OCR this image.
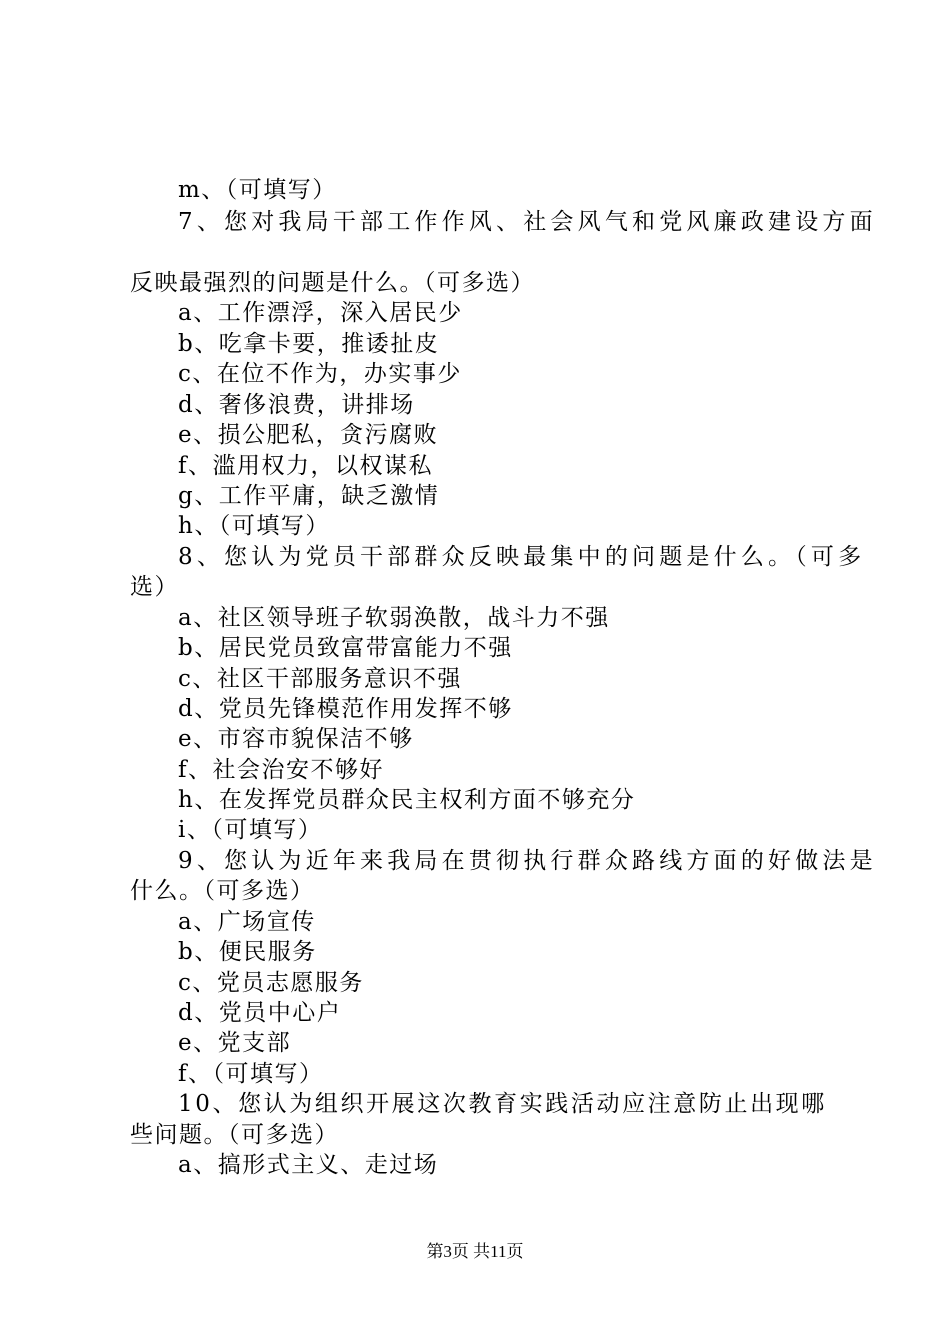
m、（可填写）
7、您对我局干部工作作风、社会风气和党风廉政建设方面
反映最强烈的问题是什么。（可多选）
a、工作漂浮，深入居民少
b、吃拿卡要，推诿扯皮
c、在位不作为，办实事少
d、奢侈浪费，讲排场
e、损公肥私，贪污腐败
f、滥用权力，以权谋私
g、工作平庸，缺乏激情
h、（可填写）
8、您认为党员干部群众反映最集中的问题是什么。（可多
选）
a、社区领导班子软弱涣散，战斗力不强
b、居民党员致富带富能力不强
c、社区干部服务意识不强
d、党员先锋模范作用发挥不够
e、市容市貌保洁不够
f、社会治安不够好
h、在发挥党员群众民主权利方面不够充分
i、（可填写）
9、您认为近年来我局在贯彻执行群众路线方面的好做法是
什么。（可多选）
a、广场宣传
b、便民服务
c、党员志愿服务
d、党员中心户
e、党支部
f、（可填写）
10、您认为组织开展这次教育实践活动应注意防止出现哪
些问题。（可多选）
a、搞形式主义、走过场
第3页 共11页
